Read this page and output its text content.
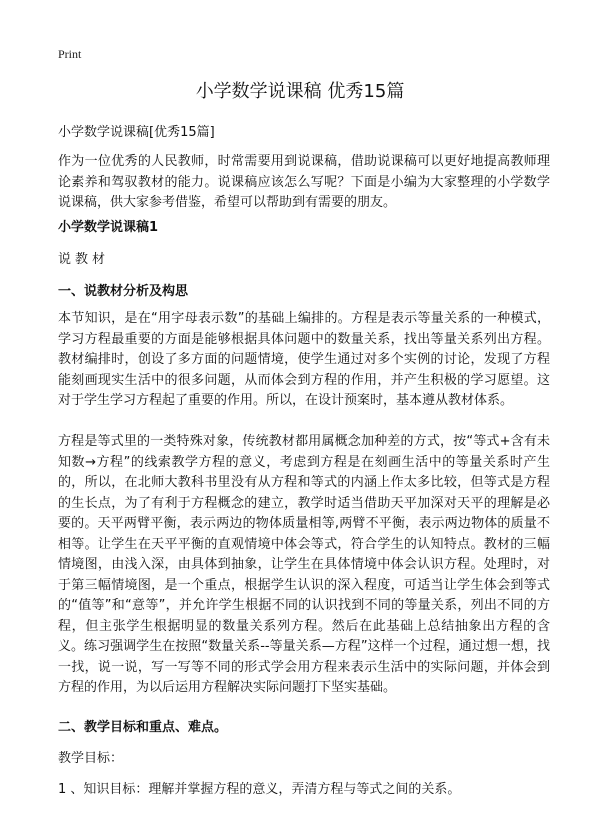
Print
小学数学说课稿 优秀15篇

小学数学说课稿[优秀15篇]

作为一位优秀的人民教师，时常需要用到说课稿，借助说课稿可以更好地提高教师理论素养和驾驭教材的能力。说课稿应该怎么写呢？下面是小编为大家整理的小学数学说课稿，供大家参考借鉴，希望可以帮助到有需要的朋友。

小学数学说课稿1

说教材

一、说教材分析及构思

本节知识，是在“用字母表示数”的基础上编排的。方程是表示等量关系的一种模式，学习方程最重要的方面是能够根据具体问题中的数量关系，找出等量关系列出方程。教材编排时，创设了多方面的问题情境，使学生通过对多个实例的讨论，发现了方程能刻画现实生活中的很多问题，从而体会到方程的作用，并产生积极的学习愿望。这对于学生学习方程起了重要的作用。所以，在设计预案时，基本遵从教材体系。

方程是等式里的一类特殊对象，传统教材都用属概念加种差的方式，按“等式+含有未知数→方程”的线索教学方程的意义，考虑到方程是在刻画生活中的等量关系时产生的，所以，在北师大教科书里没有从方程和等式的内涵上作太多比较，但等式是方程的生长点，为了有利于方程概念的建立，教学时适当借助天平加深对天平的理解是必要的。天平两臂平衡，表示两边的物体质量相等,两臂不平衡，表示两边物体的质量不相等。让学生在天平平衡的直观情境中体会等式，符合学生的认知特点。教材的三幅情境图，由浅入深，由具体到抽象，让学生在具体情境中体会认识方程。处理时，对于第三幅情境图，是一个重点，根据学生认识的深入程度，可适当让学生体会到等式的“值等”和“意等”，并允许学生根据不同的认识找到不同的等量关系，列出不同的方程，但主张学生根据明显的数量关系列方程。然后在此基础上总结抽象出方程的含义。练习强调学生在按照“数量关系--等量关系—方程”这样一个过程，通过想一想，找一找，说一说，写一写等不同的形式学会用方程来表示生活中的实际问题，并体会到方程的作用，为以后运用方程解决实际问题打下坚实基础。

二、教学目标和重点、难点。

教学目标：

1 、知识目标：理解并掌握方程的意义，弄清方程与等式之间的关系。
